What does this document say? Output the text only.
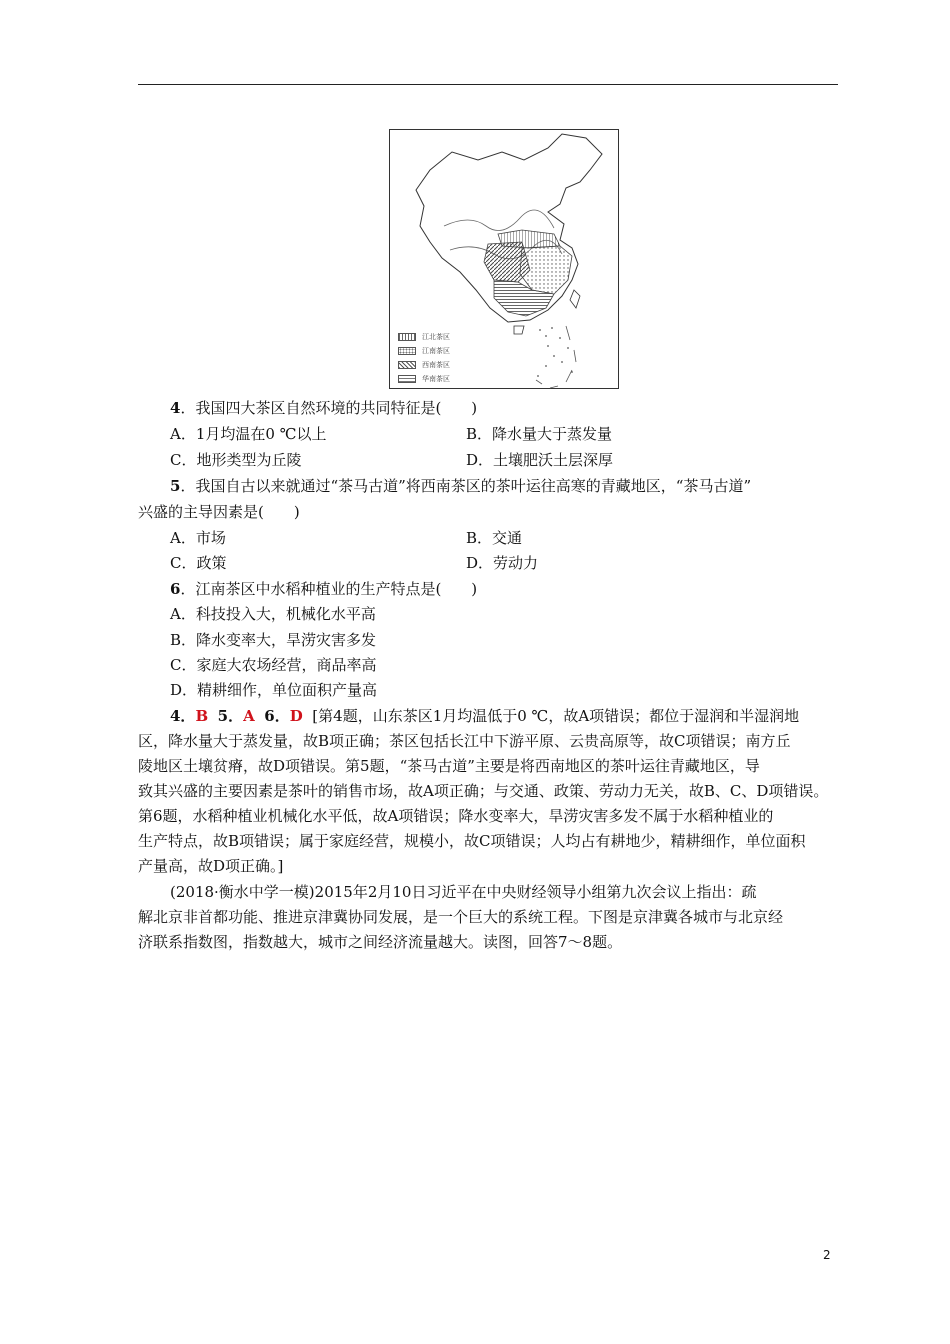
江北茶区
江南茶区
西南茶区
华南茶区
4．我国四大茶区自然环境的共同特征是(　　)
A．1月均温在0 ℃以上	B．降水量大于蒸发量
C．地形类型为丘陵	D．土壤肥沃土层深厚
5．我国自古以来就通过“茶马古道”将西南茶区的茶叶运往高寒的青藏地区，“茶马古道”
兴盛的主导因素是(　　)
A．市场	B．交通
C．政策	D．劳动力
6．江南茶区中水稻种植业的生产特点是(　　)
A．科技投入大，机械化水平高
B．降水变率大，旱涝灾害多发
C．家庭大农场经营，商品率高
D．精耕细作，单位面积产量高
4．B 5．A 6．D [第4题，山东茶区1月均温低于0 ℃，故A项错误；都位于湿润和半湿润地
区，降水量大于蒸发量，故B项正确；茶区包括长江中下游平原、云贵高原等，故C项错误；南方丘
陵地区土壤贫瘠，故D项错误。第5题，“茶马古道”主要是将西南地区的茶叶运往青藏地区，导
致其兴盛的主要因素是茶叶的销售市场，故A项正确；与交通、政策、劳动力无关，故B、C、D项错误。
第6题，水稻种植业机械化水平低，故A项错误；降水变率大，旱涝灾害多发不属于水稻种植业的
生产特点，故B项错误；属于家庭经营，规模小，故C项错误；人均占有耕地少，精耕细作，单位面积
产量高，故D项正确。]
(2018·衡水中学一模)2015年2月10日习近平在中央财经领导小组第九次会议上指出：疏
解北京非首都功能、推进京津冀协同发展，是一个巨大的系统工程。下图是京津冀各城市与北京经
济联系指数图，指数越大，城市之间经济流量越大。读图，回答7～8题。
2
